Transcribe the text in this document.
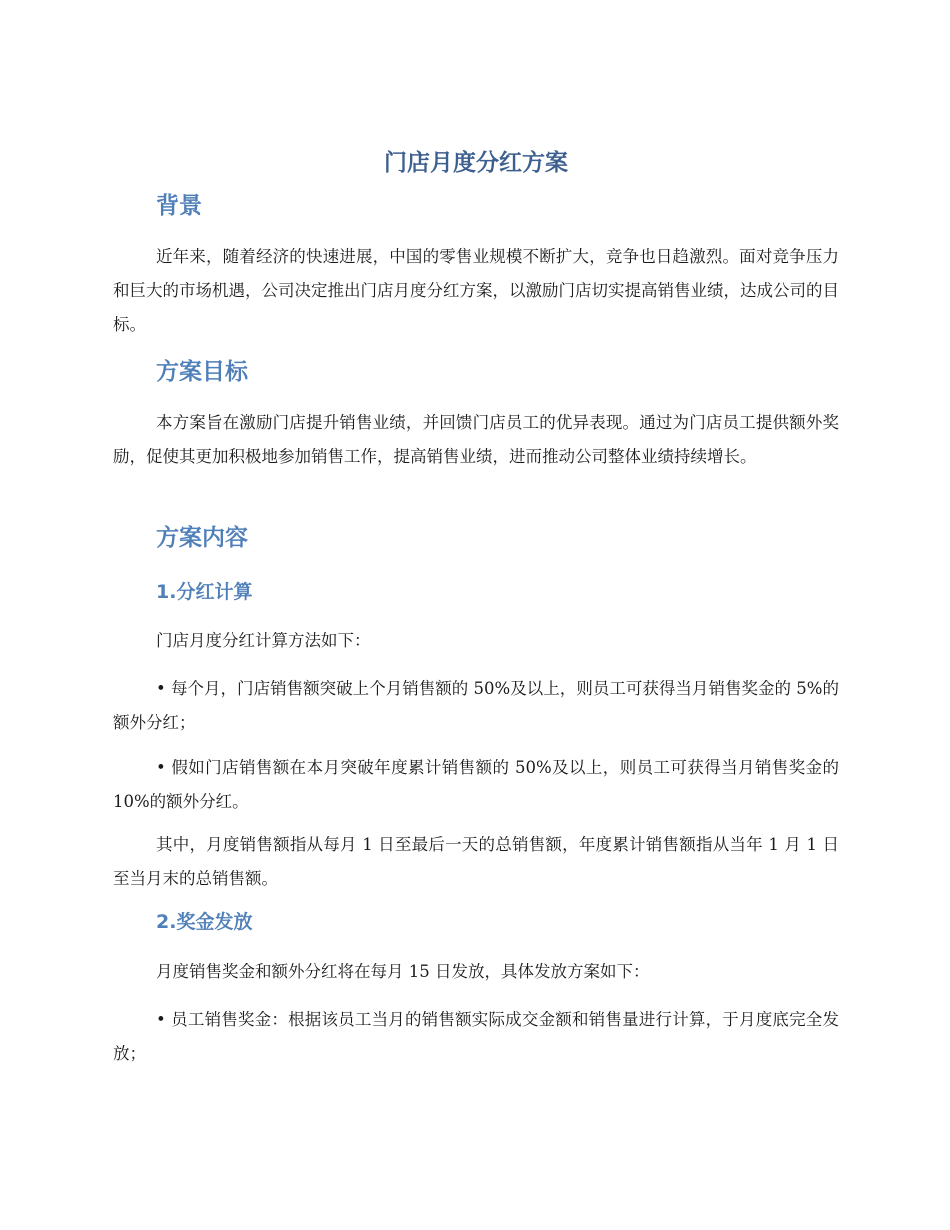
门店月度分红方案
背景

近年来，随着经济的快速进展，中国的零售业规模不断扩大，竞争也日趋激烈。面对竞争压力和巨大的市场机遇，公司决定推出门店月度分红方案，以激励门店切实提高销售业绩，达成公司的目标。

方案目标

本方案旨在激励门店提升销售业绩，并回馈门店员工的优异表现。通过为门店员工提供额外奖励，促使其更加积极地参加销售工作，提高销售业绩，进而推动公司整体业绩持续增长。

方案内容
1.分红计算

门店月度分红计算方法如下：

• 每个月，门店销售额突破上个月销售额的 50%及以上，则员工可获得当月销售奖金的 5%的额外分红；

• 假如门店销售额在本月突破年度累计销售额的 50%及以上，则员工可获得当月销售奖金的 10%的额外分红。

其中，月度销售额指从每月 1 日至最后一天的总销售额，年度累计销售额指从当年 1 月 1 日至当月末的总销售额。

2.奖金发放

月度销售奖金和额外分红将在每月 15 日发放，具体发放方案如下：

• 员工销售奖金：根据该员工当月的销售额实际成交金额和销售量进行计算，于月度底完全发放；
